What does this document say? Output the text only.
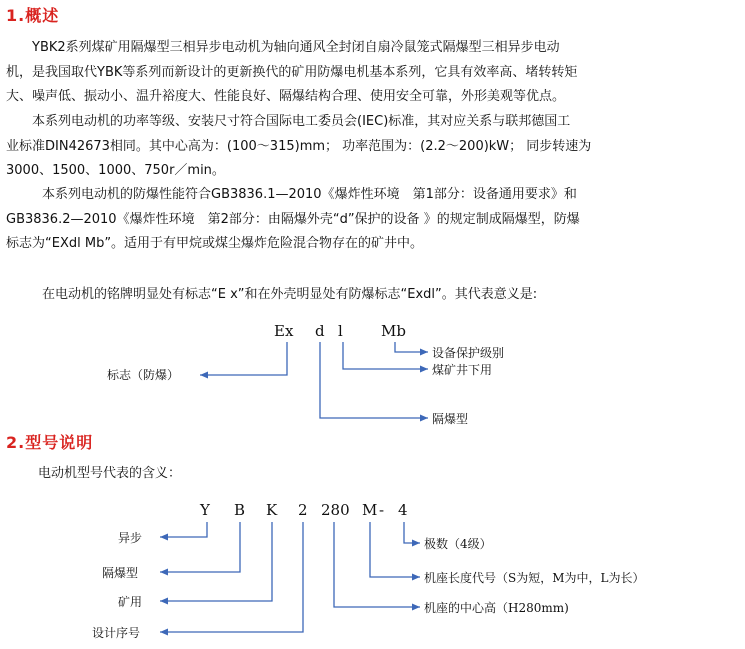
1.概述
YBK2系列煤矿用隔爆型三相异步电动机为轴向通风全封闭自扇冷鼠笼式隔爆型三相异步电动
机，是我国取代YBK等系列而新设计的更新换代的矿用防爆电机基本系列，它具有效率高、堵转转矩
大、噪声低、振动小、温升裕度大、性能良好、隔爆结构合理、使用安全可靠，外形美观等优点。
本系列电动机的功率等级、安装尺寸符合国际电工委员会(IEC)标准，其对应关系与联邦德国工
业标准DIN42673相同。其中心高为：(100～315)mm； 功率范围为：(2.2～200)kW； 同步转速为
3000、1500、1000、750r／min。
本系列电动机的防爆性能符合GB3836.1—2010《爆炸性环境　第1部分：设备通用要求》和
GB3836.2—2010《爆炸性环境　第2部分：由隔爆外壳“d”保护的设备 》的规定制成隔爆型，防爆
标志为“EXdl Mb”。适用于有甲烷或煤尘爆炸危险混合物存在的矿井中。
在电动机的铭牌明显处有标志“E x”和在外壳明显处有防爆标志“Exdl”。其代表意义是:
Ex d l	Mb
标志（防爆）
隔爆型
煤矿井下用
设备保护级别
2.型号说明
电动机型号代表的含义：
Y B K 2 280 M - 4
异步
隔爆型
矿用
设计序号
机座的中心高（H280mm)
机座长度代号（S为短，M为中，L为长）
极数（4级）
